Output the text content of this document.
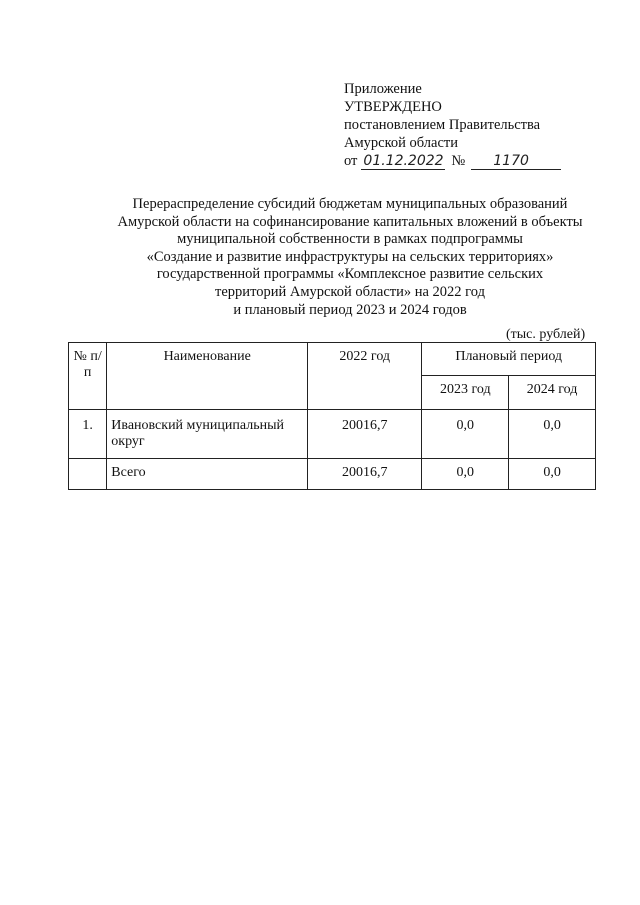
Приложение
УТВЕРЖДЕНО
постановлением Правительства
Амурской области
от 01.12.2022 №	1170
Перераспределение субсидий бюджетам муниципальных образований
Амурской области на софинансирование капитальных вложений в объекты
муниципальной собственности в рамках подпрограммы
«Создание и развитие инфраструктуры на сельских территориях»
государственной программы «Комплексное развитие сельских
территорий Амурской области» на 2022 год
и плановый период 2023 и 2024 годов
(тыс. рублей)
№ п/п	Наименование	2022 год	Плановый период	
			2023 год	2024 год
1.	Ивановский муниципальный округ	20016,7	0,0	0,0
	Всего	20016,7	0,0	0,0
